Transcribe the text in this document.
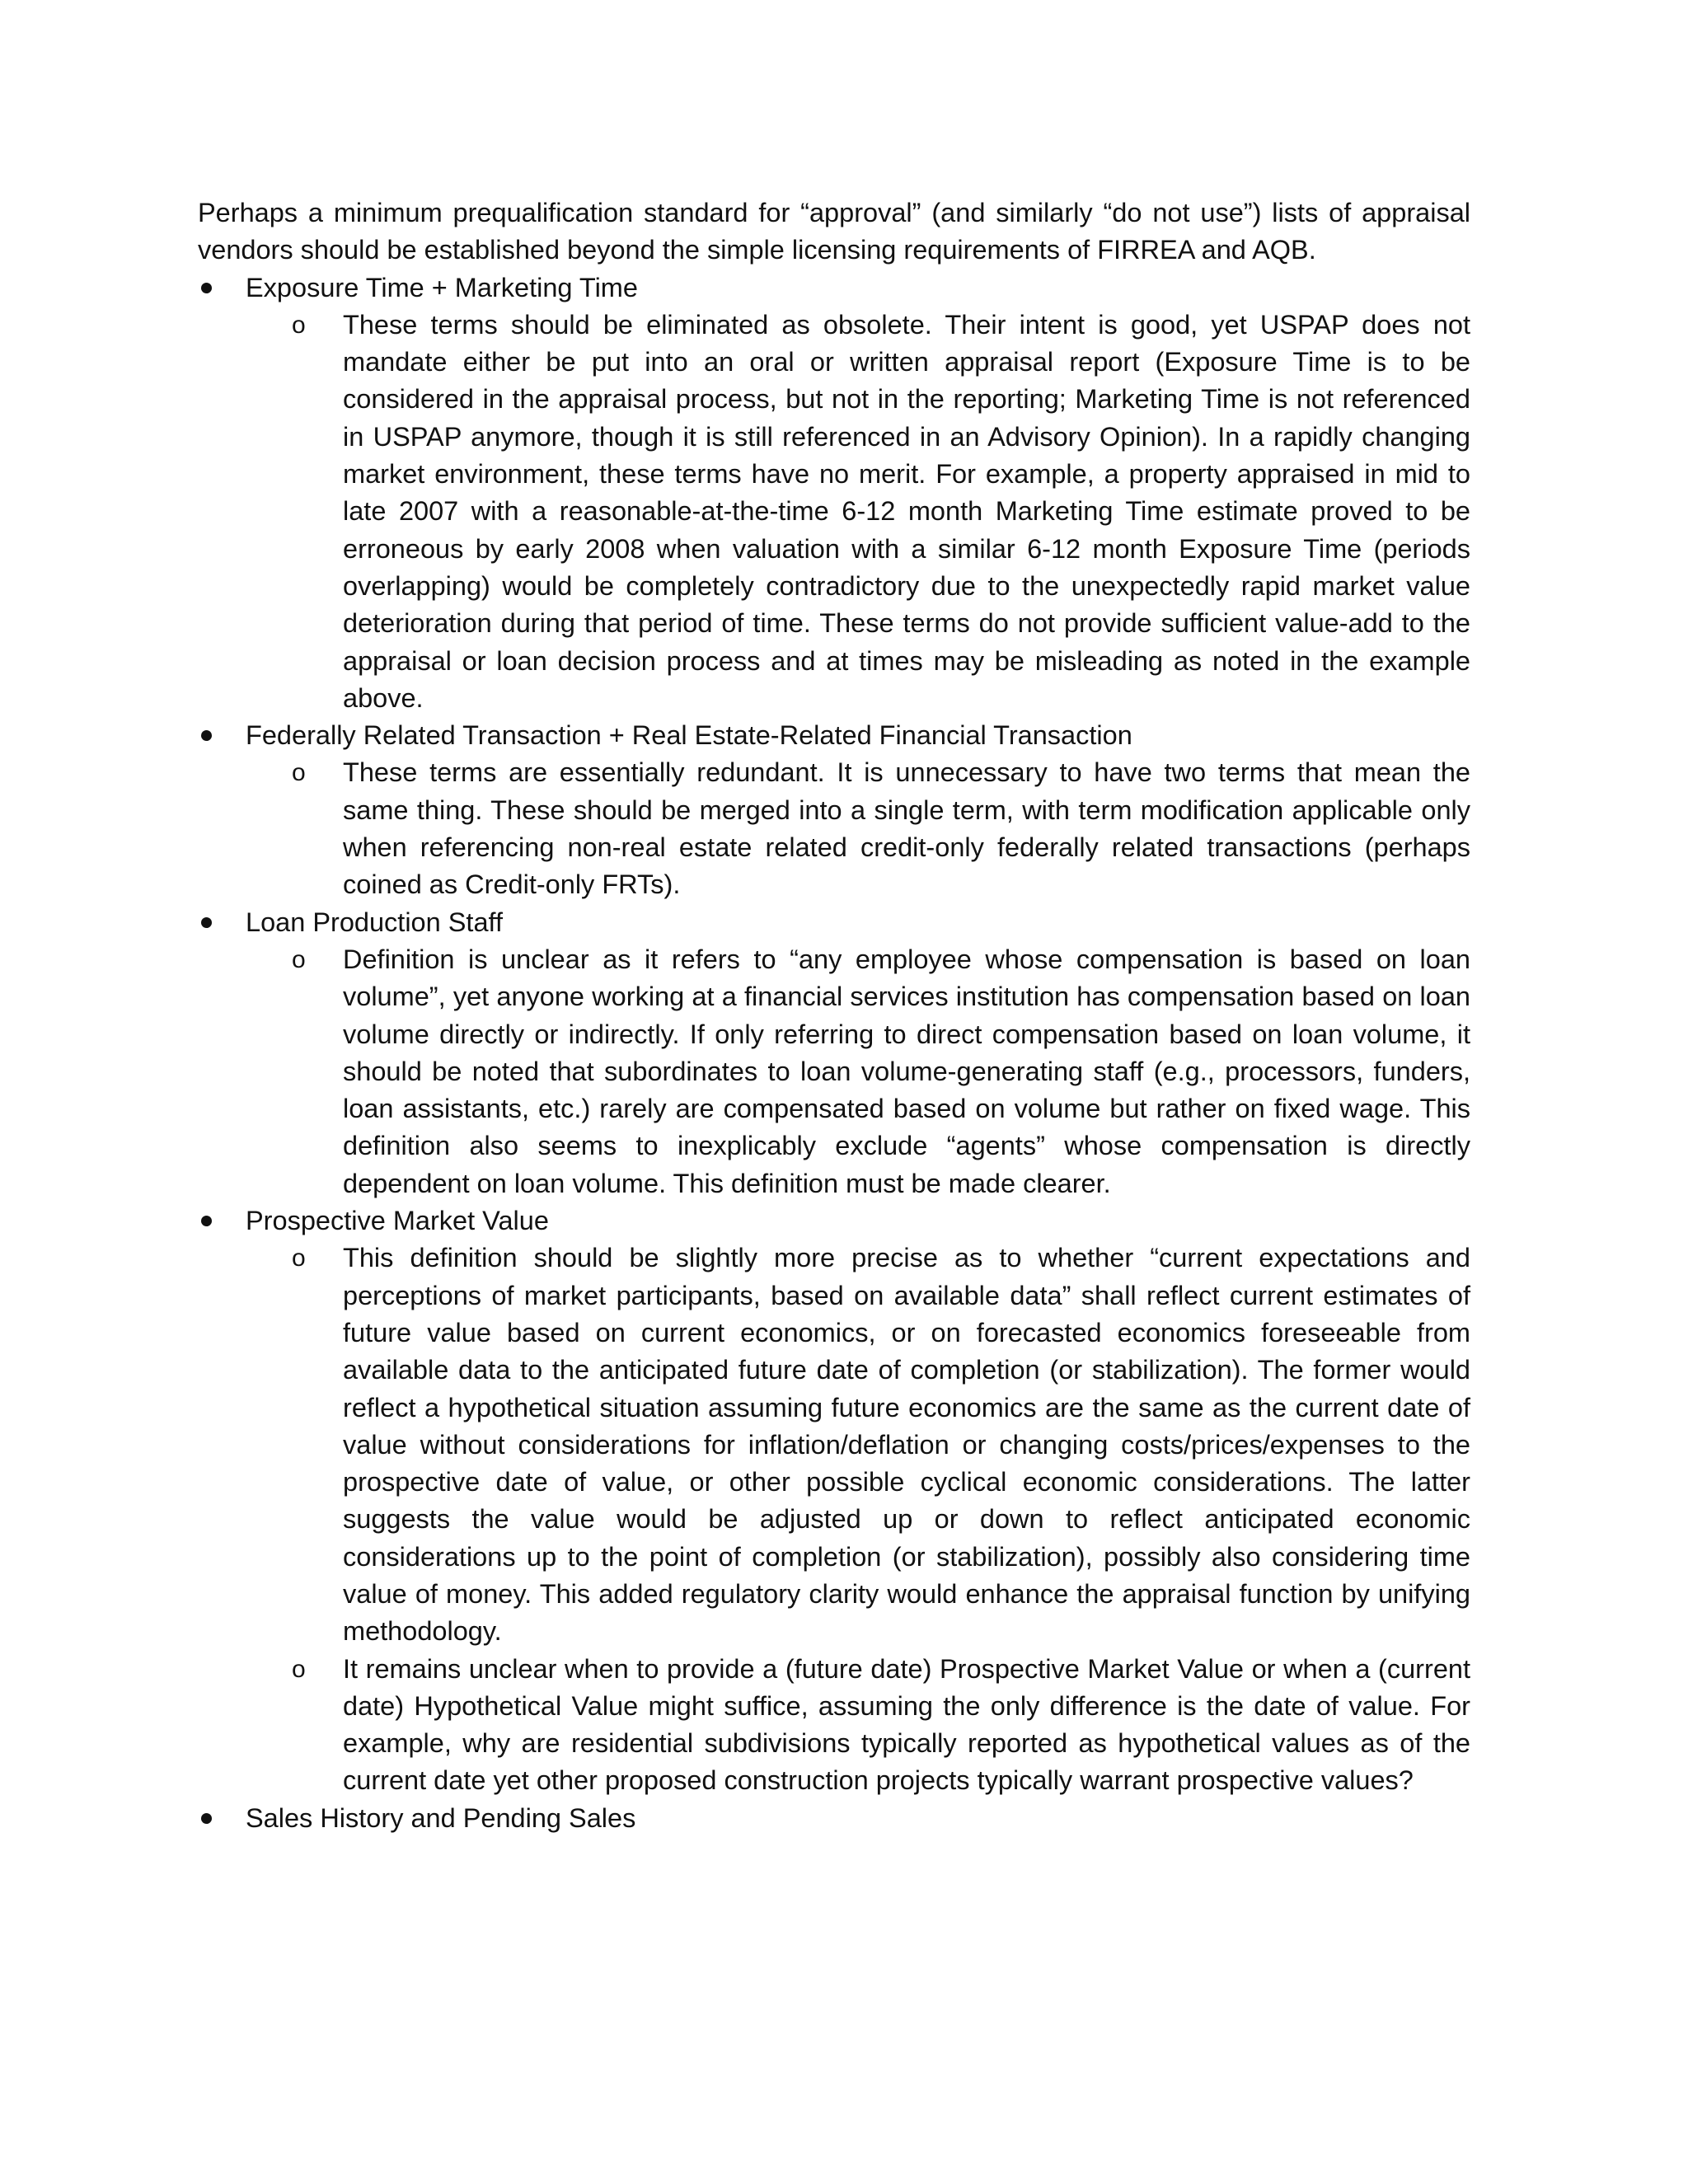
Perhaps a minimum prequalification standard for “approval” (and similarly “do not use”) lists of appraisal vendors should be established beyond the simple licensing requirements of FIRREA and AQB.

Exposure Time + Marketing Time
o These terms should be eliminated as obsolete. Their intent is good, yet USPAP does not mandate either be put into an oral or written appraisal report (Exposure Time is to be considered in the appraisal process, but not in the reporting; Marketing Time is not referenced in USPAP anymore, though it is still referenced in an Advisory Opinion). In a rapidly changing market environment, these terms have no merit. For example, a property appraised in mid to late 2007 with a reasonable-at-the-time 6-12 month Marketing Time estimate proved to be erroneous by early 2008 when valuation with a similar 6-12 month Exposure Time (periods overlapping) would be completely contradictory due to the unexpectedly rapid market value deterioration during that period of time. These terms do not provide sufficient value-add to the appraisal or loan decision process and at times may be misleading as noted in the example above.
Federally Related Transaction + Real Estate-Related Financial Transaction
o These terms are essentially redundant. It is unnecessary to have two terms that mean the same thing. These should be merged into a single term, with term modification applicable only when referencing non-real estate related credit-only federally related transactions (perhaps coined as Credit-only FRTs).
Loan Production Staff
o Definition is unclear as it refers to “any employee whose compensation is based on loan volume”, yet anyone working at a financial services institution has compensation based on loan volume directly or indirectly. If only referring to direct compensation based on loan volume, it should be noted that subordinates to loan volume-generating staff (e.g., processors, funders, loan assistants, etc.) rarely are compensated based on volume but rather on fixed wage. This definition also seems to inexplicably exclude “agents” whose compensation is directly dependent on loan volume. This definition must be made clearer.
Prospective Market Value
o This definition should be slightly more precise as to whether “current expectations and perceptions of market participants, based on available data” shall reflect current estimates of future value based on current economics, or on forecasted economics foreseeable from available data to the anticipated future date of completion (or stabilization). The former would reflect a hypothetical situation assuming future economics are the same as the current date of value without considerations for inflation/deflation or changing costs/prices/expenses to the prospective date of value, or other possible cyclical economic considerations. The latter suggests the value would be adjusted up or down to reflect anticipated economic considerations up to the point of completion (or stabilization), possibly also considering time value of money. This added regulatory clarity would enhance the appraisal function by unifying methodology.
o It remains unclear when to provide a (future date) Prospective Market Value or when a (current date) Hypothetical Value might suffice, assuming the only difference is the date of value. For example, why are residential subdivisions typically reported as hypothetical values as of the current date yet other proposed construction projects typically warrant prospective values?
Sales History and Pending Sales
